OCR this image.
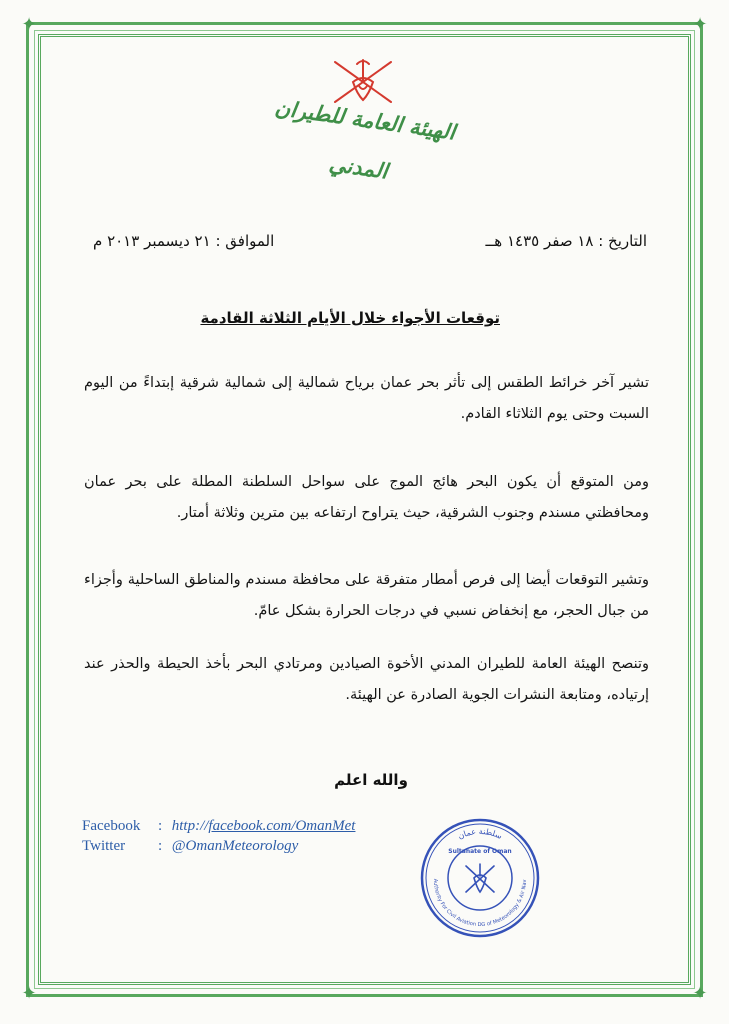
✦	✦
✦	✦
الهيئة العامة للطيران المدني
التاريخ : ١٨ صفر ١٤٣٥ هــ
الموافق : ٢١ ديسمبر ٢٠١٣ م
توقعات الأجواء خلال الأيام الثلاثة القادمة
تشير آخر خرائط الطقس إلى تأثر بحر عمان برياح شمالية إلى شمالية شرقية إبتداءً من اليوم السبت وحتى يوم الثلاثاء القادم.
ومن المتوقع أن يكون البحر هائج الموج على سواحل السلطنة المطلة على بحر عمان ومحافظتي مسندم وجنوب الشرقية، حيث يتراوح ارتفاعه بين مترين وثلاثة أمتار.
وتشير التوقعات أيضا إلى فرص أمطار متفرقة على محافظة مسندم والمناطق الساحلية وأجزاء من جبال الحجر، مع إنخفاض نسبي في درجات الحرارة بشكل عامّ.
وتنصح الهيئة العامة للطيران المدني الأخوة الصيادين ومرتادي البحر بأخذ الحيطة والحذر عند إرتياده، ومتابعة النشرات الجوية الصادرة عن الهيئة.
والله اعلم
Facebook : http://facebook.com/OmanMet
Twitter : @OmanMeteorology
سلطنة عمان
Authority For Civil Aviation DG of Meteorology & Air Nav
Sultanate of Oman
